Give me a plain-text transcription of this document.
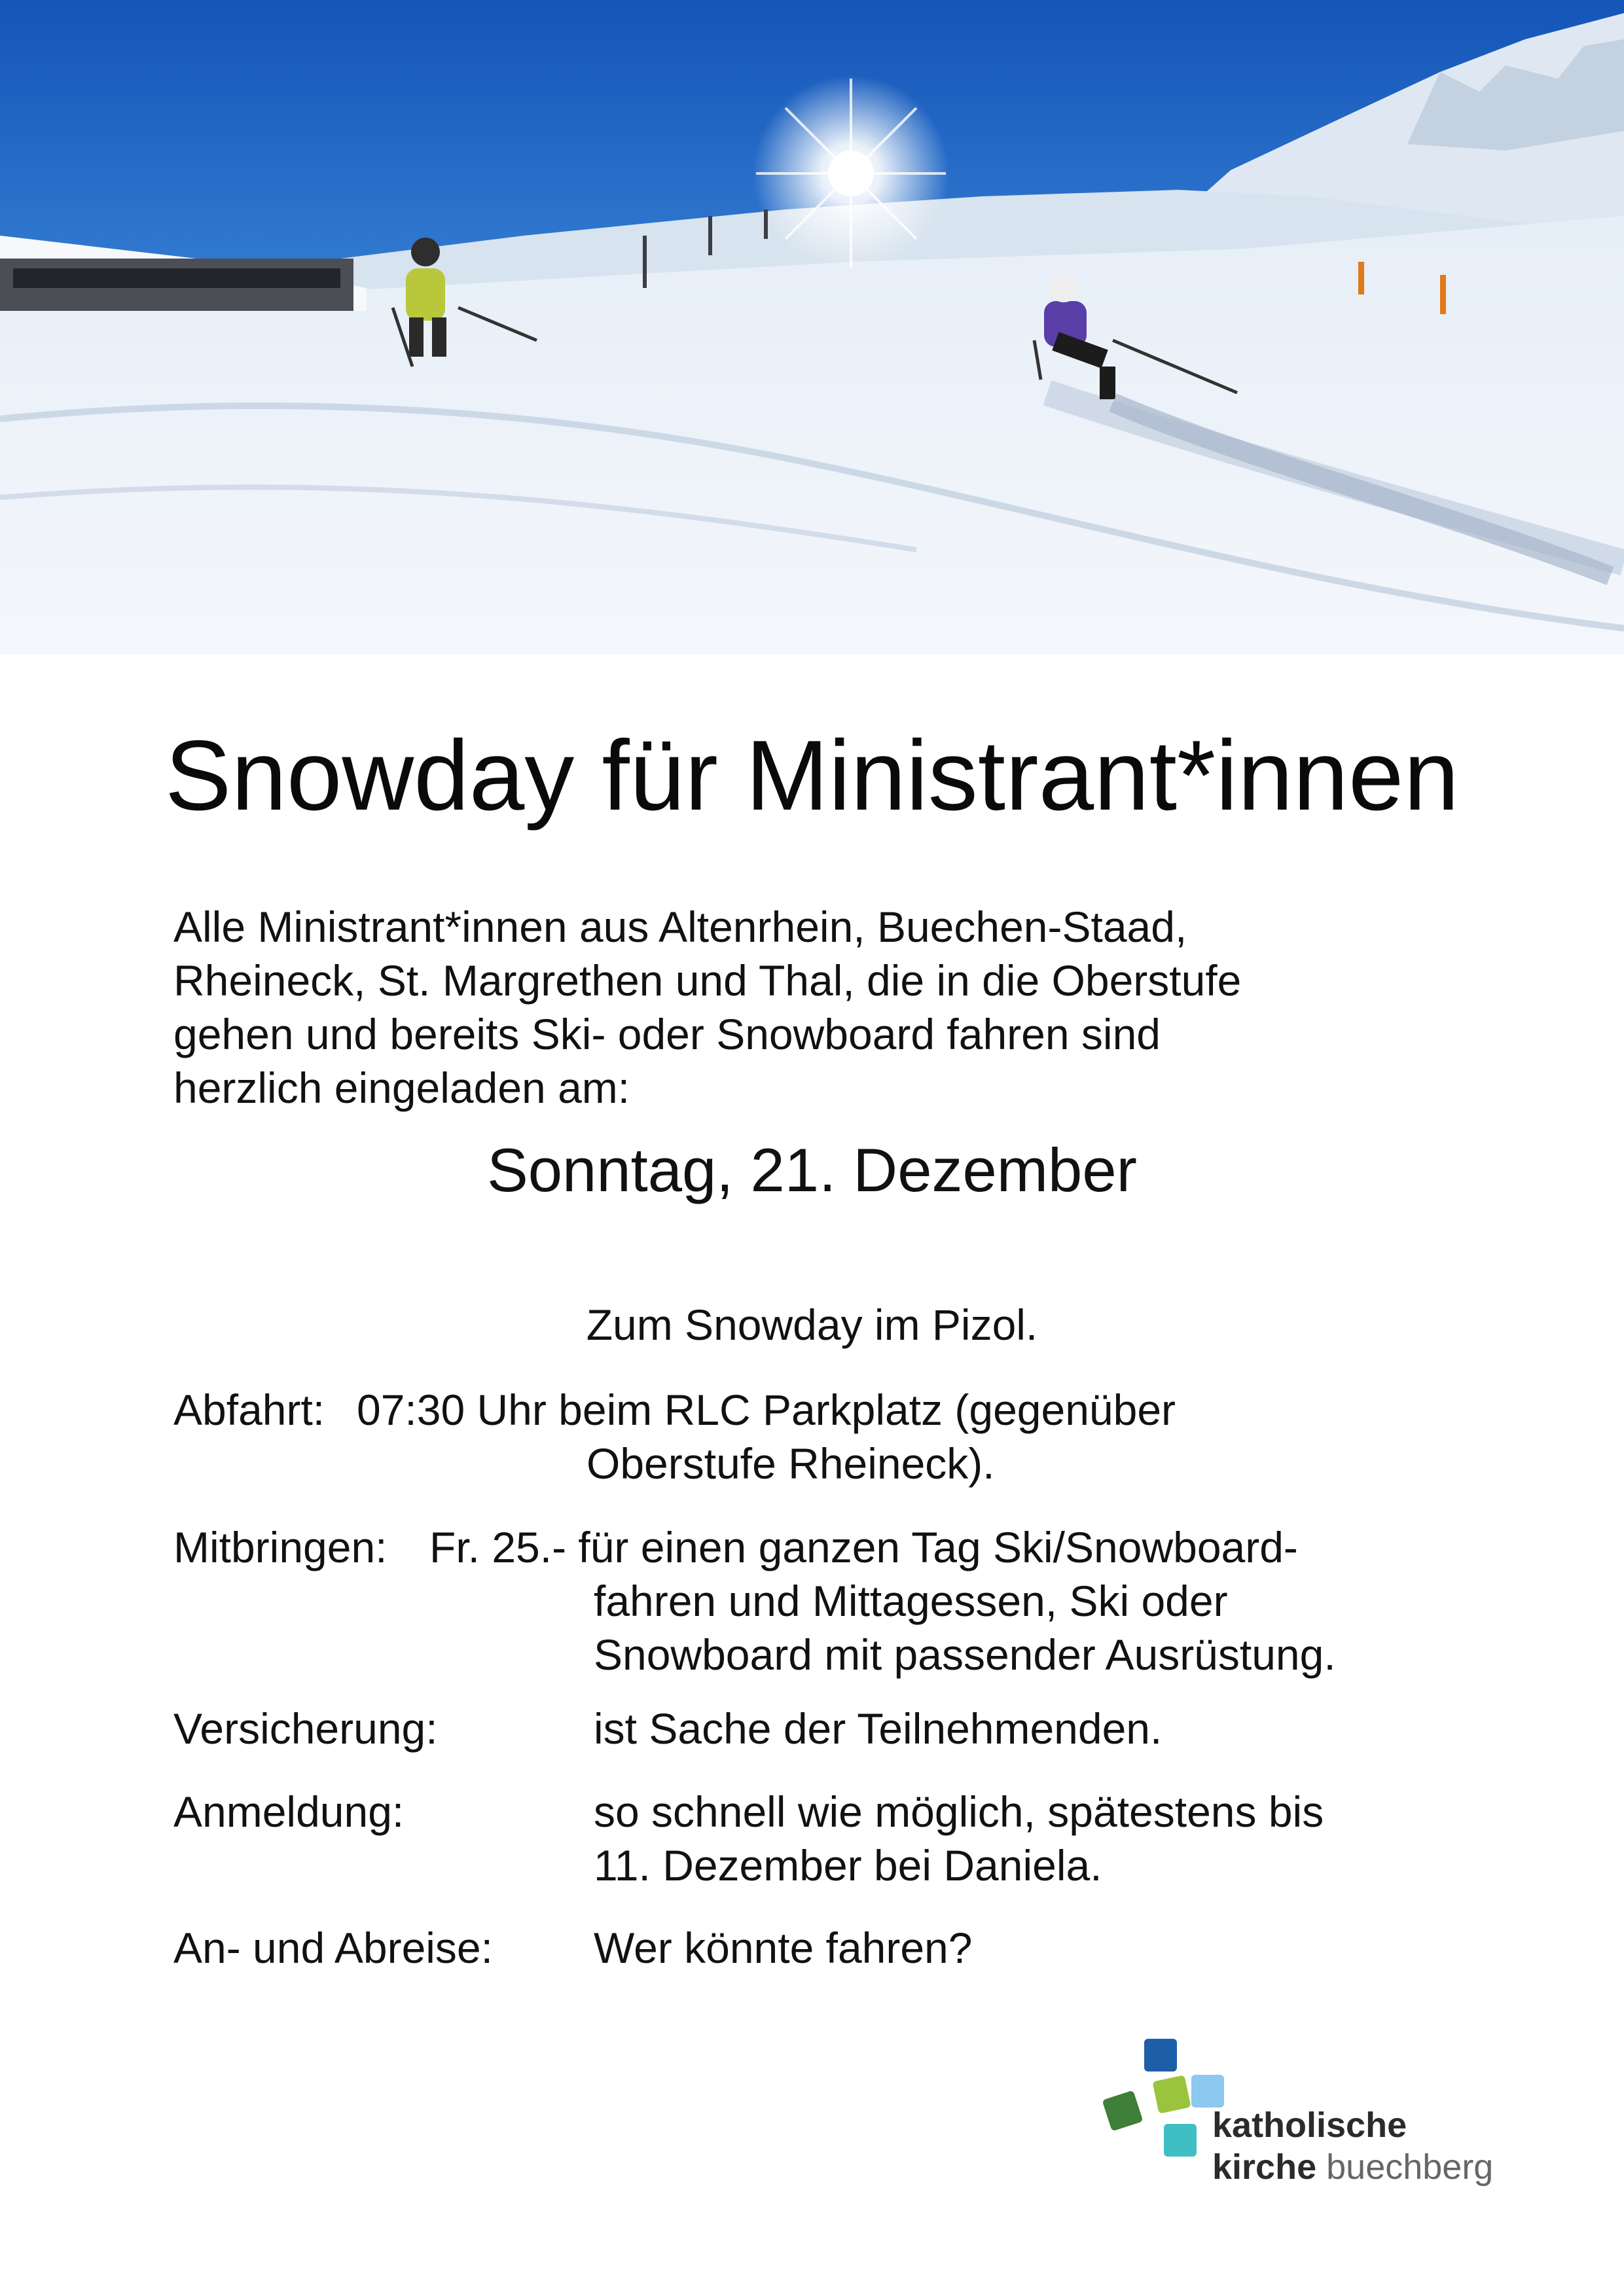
Snowday für Ministrant*innen
Alle Ministrant*innen aus Altenrhein, Buechen-Staad,
Rheineck, St. Margrethen und Thal, die in die Oberstufe
gehen und bereits Ski- oder Snowboard fahren sind
herzlich eingeladen am:
Sonntag, 21. Dezember
Zum Snowday im Pizol.
Abfahrt: 07:30 Uhr beim RLC Parkplatz (gegenüber
Oberstufe Rheineck).
Mitbringen: Fr. 25.- für einen ganzen Tag Ski/Snowboard-
fahren und Mittagessen, Ski oder
Snowboard mit passender Ausrüstung.
Versicherung:	ist Sache der Teilnehmenden.
Anmeldung:	so schnell wie möglich, spätestens bis
11. Dezember bei Daniela.
An- und Abreise: Wer könnte fahren?
katholische
kirche buechberg
